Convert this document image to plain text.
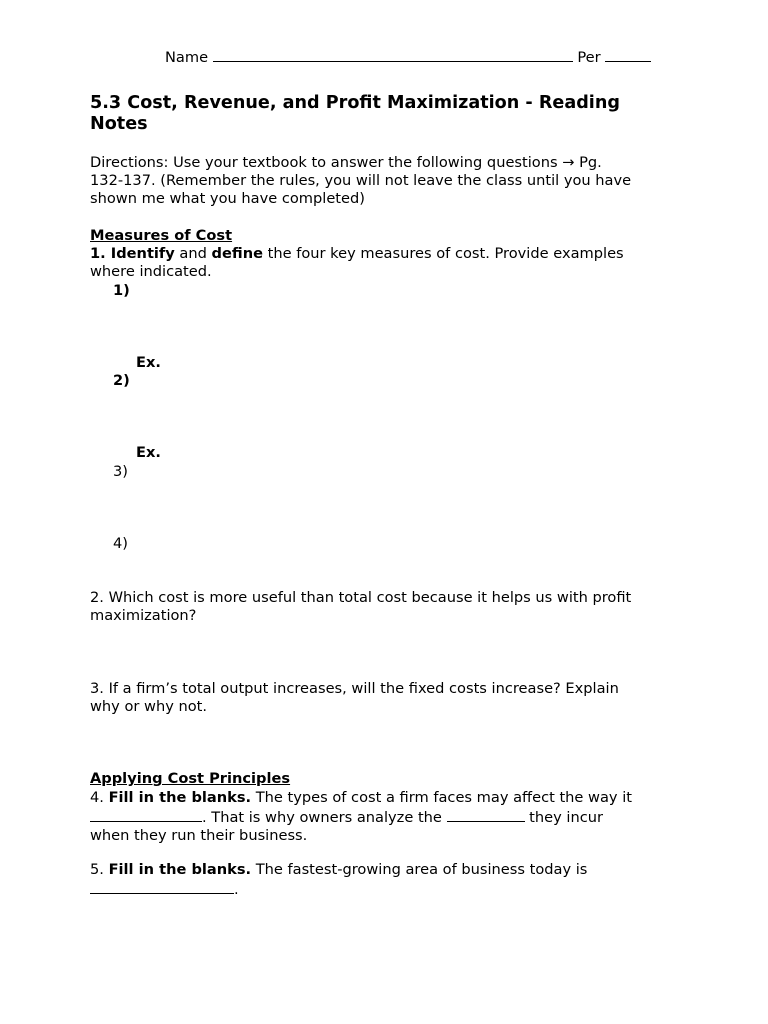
Name	Per
5.3 Cost, Revenue, and Profit Maximization - Reading
Notes
Directions: Use your textbook to answer the following questions → Pg.
132-137. (Remember the rules, you will not leave the class until you have
shown me what you have completed)
Measures of Cost
1. Identify and define the four key measures of cost. Provide examples
where indicated.
1)
Ex.
2)
Ex.
3)
4)
2. Which cost is more useful than total cost because it helps us with profit
maximization?
3. If a firm’s total output increases, will the fixed costs increase? Explain
why or why not.
Applying Cost Principles
4. Fill in the blanks. The types of cost a firm faces may affect the way it
. That is why owners analyze the	they incur
when they run their business.
5. Fill in the blanks. The fastest-growing area of business today is
.
